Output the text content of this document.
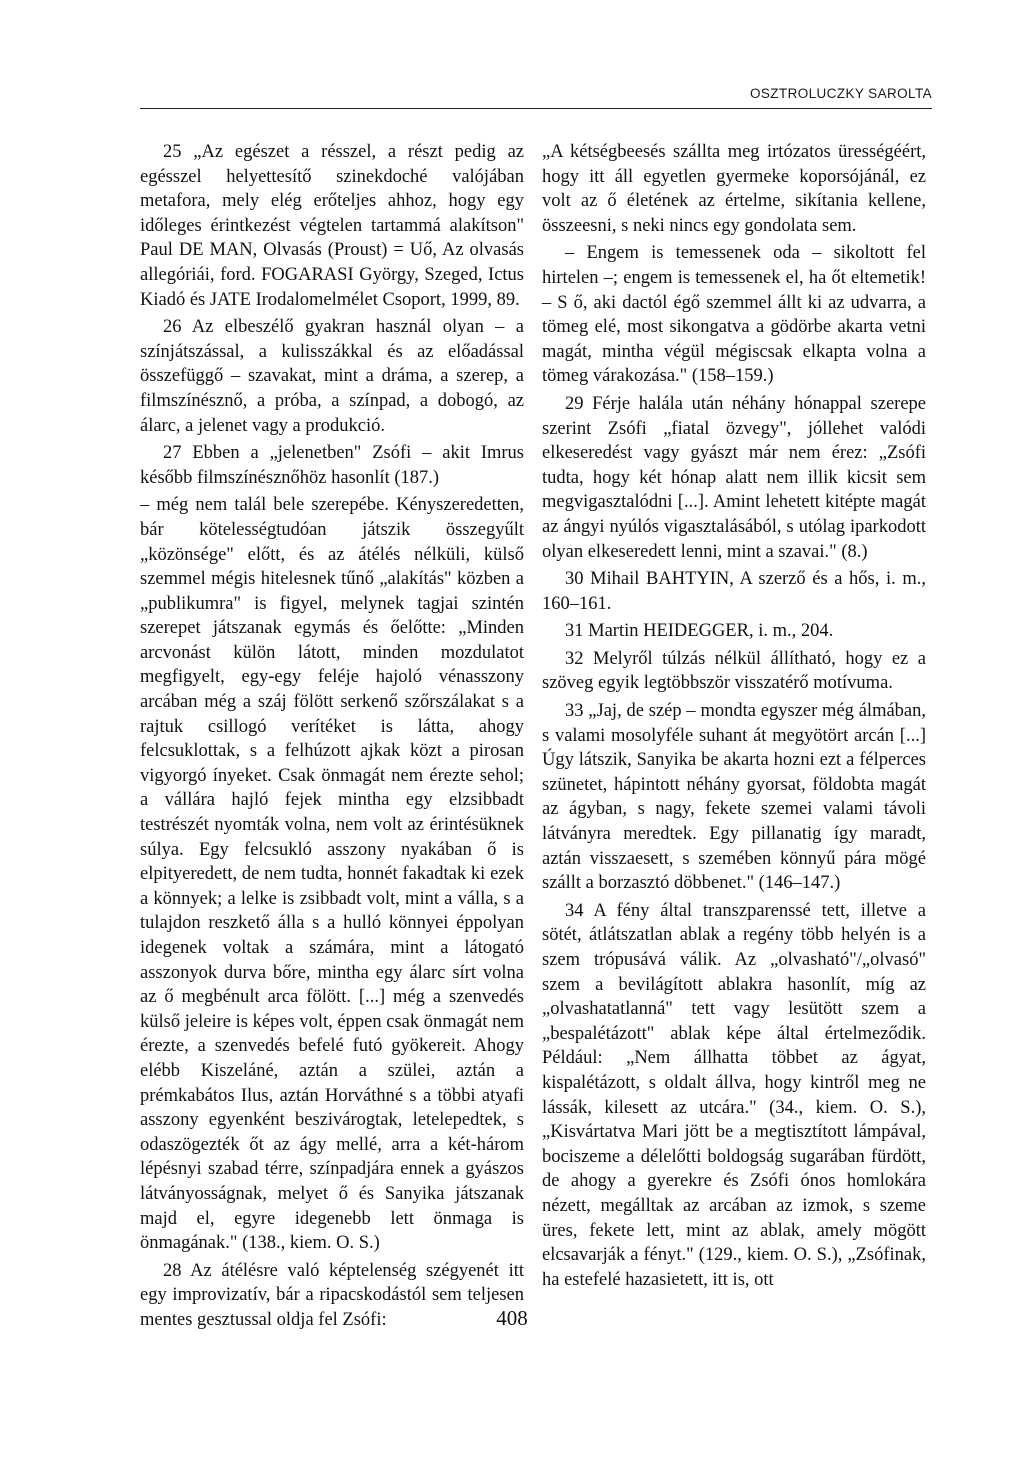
OSZTROLUCZKY SAROLTA

25 „Az egészet a résszel, a részt pedig az egésszel helyettesítő szinekdoché valójában metafora, mely elég erőteljes ahhoz, hogy egy időleges érintkezést végtelen tartammá alakítson" Paul DE MAN, Olvasás (Proust) = Uő, Az olvasás allegóriái, ford. FOGARASI György, Szeged, Ictus Kiadó és JATE Irodalomelmélet Csoport, 1999, 89.

26 Az elbeszélő gyakran használ olyan – a színjátszással, a kulisszákkal és az előadással összefüggő – szavakat, mint a dráma, a szerep, a filmszínésznő, a próba, a színpad, a dobogó, az álarc, a jelenet vagy a produkció.

27 Ebben a „jelenetben" Zsófi – akit Imrus később filmszínésznőhöz hasonlít (187.)

– még nem talál bele szerepébe. Kényszeredetten, bár kötelességtudóan játszik összegyűlt „közönsége" előtt, és az átélés nélküli, külső szemmel mégis hitelesnek tűnő „alakítás" közben a „publikumra" is figyel, melynek tagjai szintén szerepet játszanak egymás és őelőtte: „Minden arcvonást külön látott, minden mozdulatot megfigyelt, egy-egy feléje hajoló vénasszony arcában még a száj fölött serkenő szőrszálakat s a rajtuk csillogó verítéket is látta, ahogy felcsuklottak, s a felhúzott ajkak közt a pirosan vigyorgó ínyeket. Csak önmagát nem érezte sehol; a vállára hajló fejek mintha egy elzsibbadt testrészét nyomták volna, nem volt az érintésüknek súlya. Egy felcsukló asszony nyakában ő is elpityeredett, de nem tudta, honnét fakadtak ki ezek a könnyek; a lelke is zsibbadt volt, mint a válla, s a tulajdon reszkető álla s a hulló könnyei éppolyan idegenek voltak a számára, mint a látogató asszonyok durva bőre, mintha egy álarc sírt volna az ő megbénult arca fölött. [...] még a szenvedés külső jeleire is képes volt, éppen csak önmagát nem érezte, a szenvedés befelé futó gyökereit. Ahogy elébb Kiszeláné, aztán a szülei, aztán a prémkabátos Ilus, aztán Horváthné s a többi atyafi asszony egyenként beszivárogtak, letelepedtek, s odaszögezték őt az ágy mellé, arra a két-három lépésnyi szabad térre, színpadjára ennek a gyászos látványosságnak, melyet ő és Sanyika játszanak majd el, egyre idegenebb lett önmaga is önmagának." (138., kiem. O. S.)

28 Az átélésre való képtelenség szégyenét itt egy improvizatív, bár a ripacskodástól sem teljesen mentes gesztussal oldja fel Zsófi:

„A kétségbeesés szállta meg irtózatos ürességéért, hogy itt áll egyetlen gyermeke koporsójánál, ez volt az ő életének az értelme, sikítania kellene, összeesni, s neki nincs egy gondolata sem.

– Engem is temessenek oda – sikoltott fel hirtelen –; engem is temessenek el, ha őt eltemetik! – S ő, aki dactól égő szemmel állt ki az udvarra, a tömeg elé, most sikongatva a gödörbe akarta vetni magát, mintha végül mégiscsak elkapta volna a tömeg várakozása." (158–159.)

29 Férje halála után néhány hónappal szerepe szerint Zsófi „fiatal özvegy", jóllehet valódi elkeseredést vagy gyászt már nem érez: „Zsófi tudta, hogy két hónap alatt nem illik kicsit sem megvigasztalódni [...]. Amint lehetett kitépte magát az ángyi nyúlós vigasztalásából, s utólag iparkodott olyan elkeseredett lenni, mint a szavai." (8.)

30 Mihail BAHTYIN, A szerző és a hős, i. m., 160–161.

31 Martin HEIDEGGER, i. m., 204.

32 Melyről túlzás nélkül állítható, hogy ez a szöveg egyik legtöbbször visszatérő motívuma.

33 „Jaj, de szép – mondta egyszer még álmában, s valami mosolyféle suhant át megyötört arcán [...] Úgy látszik, Sanyika be akarta hozni ezt a félperces szünetet, hápintott néhány gyorsat, földobta magát az ágyban, s nagy, fekete szemei valami távoli látványra meredtek. Egy pillanatig így maradt, aztán visszaesett, s szemében könnyű pára mögé szállt a borzasztó döbbenet." (146–147.)

34 A fény által transzparenssé tett, illetve a sötét, átlátszatlan ablak a regény több helyén is a szem trópusává válik. Az „olvasható"/„olvasó" szem a bevilágított ablakra hasonlít, míg az „olvashatatlanná" tett vagy lesütött szem a „bespalétázott" ablak képe által értelmeződik. Például: „Nem állhatta többet az ágyat, kispalétázott, s oldalt állva, hogy kintről meg ne lássák, kilesett az utcára." (34., kiem. O. S.), „Kisvártatva Mari jött be a megtisztított lámpával, bociszeme a délelőtti boldogság sugarában fürdött, de ahogy a gyerekre és Zsófi ónos homlokára nézett, megálltak az arcában az izmok, s szeme üres, fekete lett, mint az ablak, amely mögött elcsavarják a fényt." (129., kiem. O. S.), „Zsófinak, ha estefelé hazasietett, itt is, ott

408
